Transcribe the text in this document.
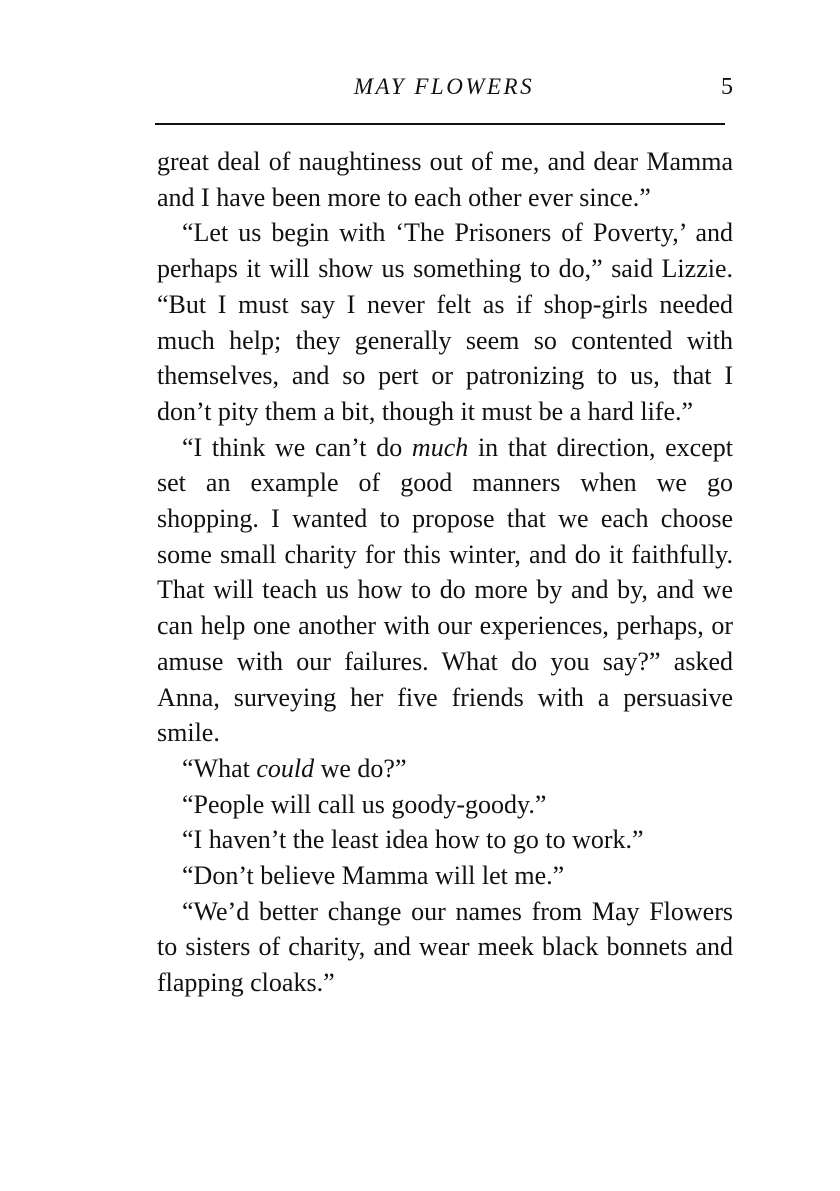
MAY FLOWERS	5

great deal of naughtiness out of me, and dear Mamma and I have been more to each other ever since.”

“Let us begin with ‘The Prisoners of Poverty,’ and perhaps it will show us something to do,” said Lizzie. “But I must say I never felt as if shop-girls needed much help; they generally seem so contented with themselves, and so pert or patronizing to us, that I don’t pity them a bit, though it must be a hard life.”

“I think we can’t do much in that direction, except set an example of good manners when we go shopping. I wanted to propose that we each choose some small charity for this winter, and do it faithfully. That will teach us how to do more by and by, and we can help one another with our experiences, perhaps, or amuse with our failures. What do you say?” asked Anna, surveying her five friends with a persuasive smile.

“What could we do?”

“People will call us goody-goody.”

“I haven’t the least idea how to go to work.”

“Don’t believe Mamma will let me.”

“We’d better change our names from May Flowers to sisters of charity, and wear meek black bonnets and flapping cloaks.”
